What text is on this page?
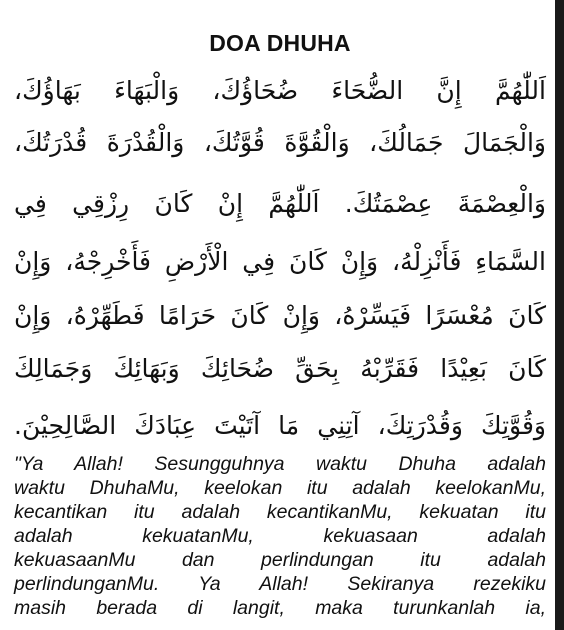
DOA DHUHA
اَللّٰهُمَّ إِنَّ الضُّحَاءَ ضُحَاؤُكَ، وَالْبَهَاءَ بَهَاؤُكَ،
وَالْجَمَالَ جَمَالُكَ، وَالْقُوَّةَ قُوَّتُكَ، وَالْقُدْرَةَ قُدْرَتُكَ،
وَالْعِصْمَةَ عِصْمَتُكَ. اَللّٰهُمَّ إِنْ كَانَ رِزْقِي فِي
السَّمَاءِ فَأَنْزِلْهُ، وَإِنْ كَانَ فِي الْأَرْضِ فَأَخْرِجْهُ، وَإِنْ
كَانَ مُعْسَرًا فَيَسِّرْهُ، وَإِنْ كَانَ حَرَامًا فَطَهِّرْهُ، وَإِنْ
كَانَ بَعِيْدًا فَقَرِّبْهُ بِحَقِّ ضُحَائِكَ وَبَهَائِكَ وَجَمَالِكَ
وَقُوَّتِكَ وَقُدْرَتِكَ، آتِنِي مَا آتَيْتَ عِبَادَكَ الصَّالِحِيْنَ.
"Ya Allah! Sesungguhnya waktu Dhuha adalah
waktu DhuhaMu, keelokan itu adalah keelokanMu,
kecantikan itu adalah kecantikanMu, kekuatan itu
adalah kekuatanMu, kekuasaan adalah
kekuasaanMu dan perlindungan itu adalah
perlindunganMu. Ya Allah! Sekiranya rezekiku
masih berada di langit, maka turunkanlah ia,
